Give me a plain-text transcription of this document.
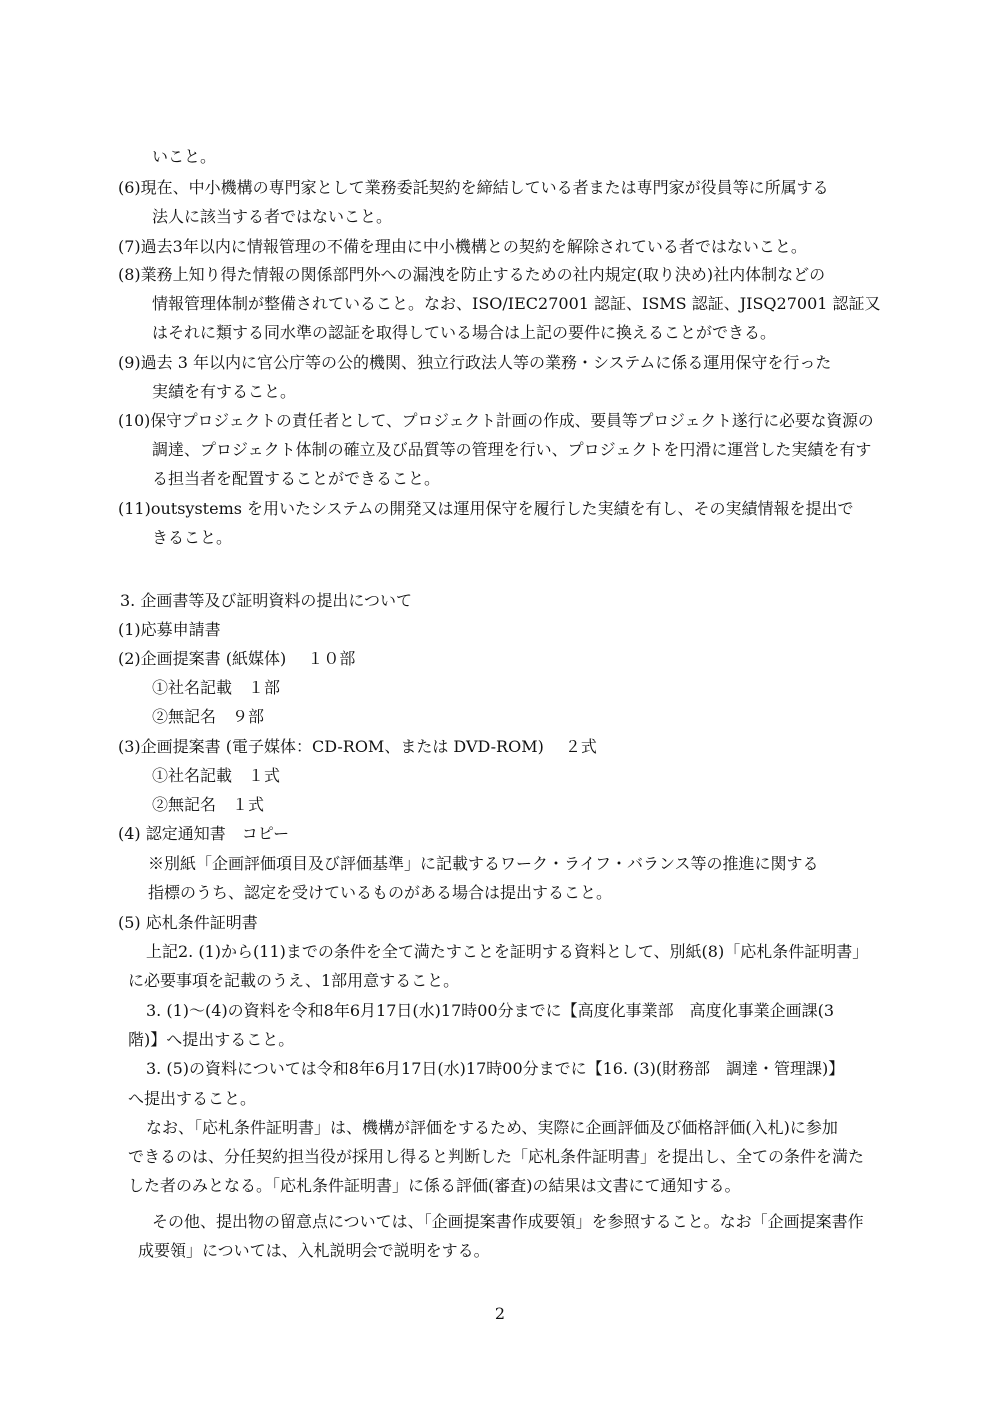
いこと。
(6)現在、中小機構の専門家として業務委託契約を締結している者または専門家が役員等に所属する
法人に該当する者ではないこと。
(7)過去3年以内に情報管理の不備を理由に中小機構との契約を解除されている者ではないこと。
(8)業務上知り得た情報の関係部門外への漏洩を防止するための社内規定(取り決め)社内体制などの
情報管理体制が整備されていること。なお、ISO/IEC27001 認証、ISMS 認証、JISQ27001 認証又
はそれに類する同水準の認証を取得している場合は上記の要件に換えることができる。
(9)過去 3 年以内に官公庁等の公的機関、独立行政法人等の業務・システムに係る運用保守を行った
実績を有すること。
(10)保守プロジェクトの責任者として、プロジェクト計画の作成、要員等プロジェクト遂行に必要な資源の
調達、プロジェクト体制の確立及び品質等の管理を行い、プロジェクトを円滑に運営した実績を有す
る担当者を配置することができること。
(11)outsystems を用いたシステムの開発又は運用保守を履行した実績を有し、その実績情報を提出で
きること。
3. 企画書等及び証明資料の提出について
(1)応募申請書
(2)企画提案書 (紙媒体)　 １０部
①社名記載　１部
②無記名　９部
(3)企画提案書 (電子媒体：CD-ROM、または DVD-ROM)　 ２式
①社名記載　１式
②無記名　１式
(4) 認定通知書　コピー
※別紙「企画評価項目及び評価基準」に記載するワーク・ライフ・バランス等の推進に関する
指標のうち、認定を受けているものがある場合は提出すること。
(5) 応札条件証明書
上記2. (1)から(11)までの条件を全て満たすことを証明する資料として、別紙(8)「応札条件証明書」
に必要事項を記載のうえ、1部用意すること。
3. (1)～(4)の資料を令和8年6月17日(水)17時00分までに【高度化事業部　高度化事業企画課(3
階)】へ提出すること。
3. (5)の資料については令和8年6月17日(水)17時00分までに【16. (3)(財務部　調達・管理課)】
へ提出すること。
なお、「応札条件証明書」は、機構が評価をするため、実際に企画評価及び価格評価(入札)に参加
できるのは、分任契約担当役が採用し得ると判断した「応札条件証明書」を提出し、全ての条件を満た
した者のみとなる。「応札条件証明書」に係る評価(審査)の結果は文書にて通知する。
その他、提出物の留意点については、「企画提案書作成要領」を参照すること。なお「企画提案書作
成要領」については、入札説明会で説明をする。
2
